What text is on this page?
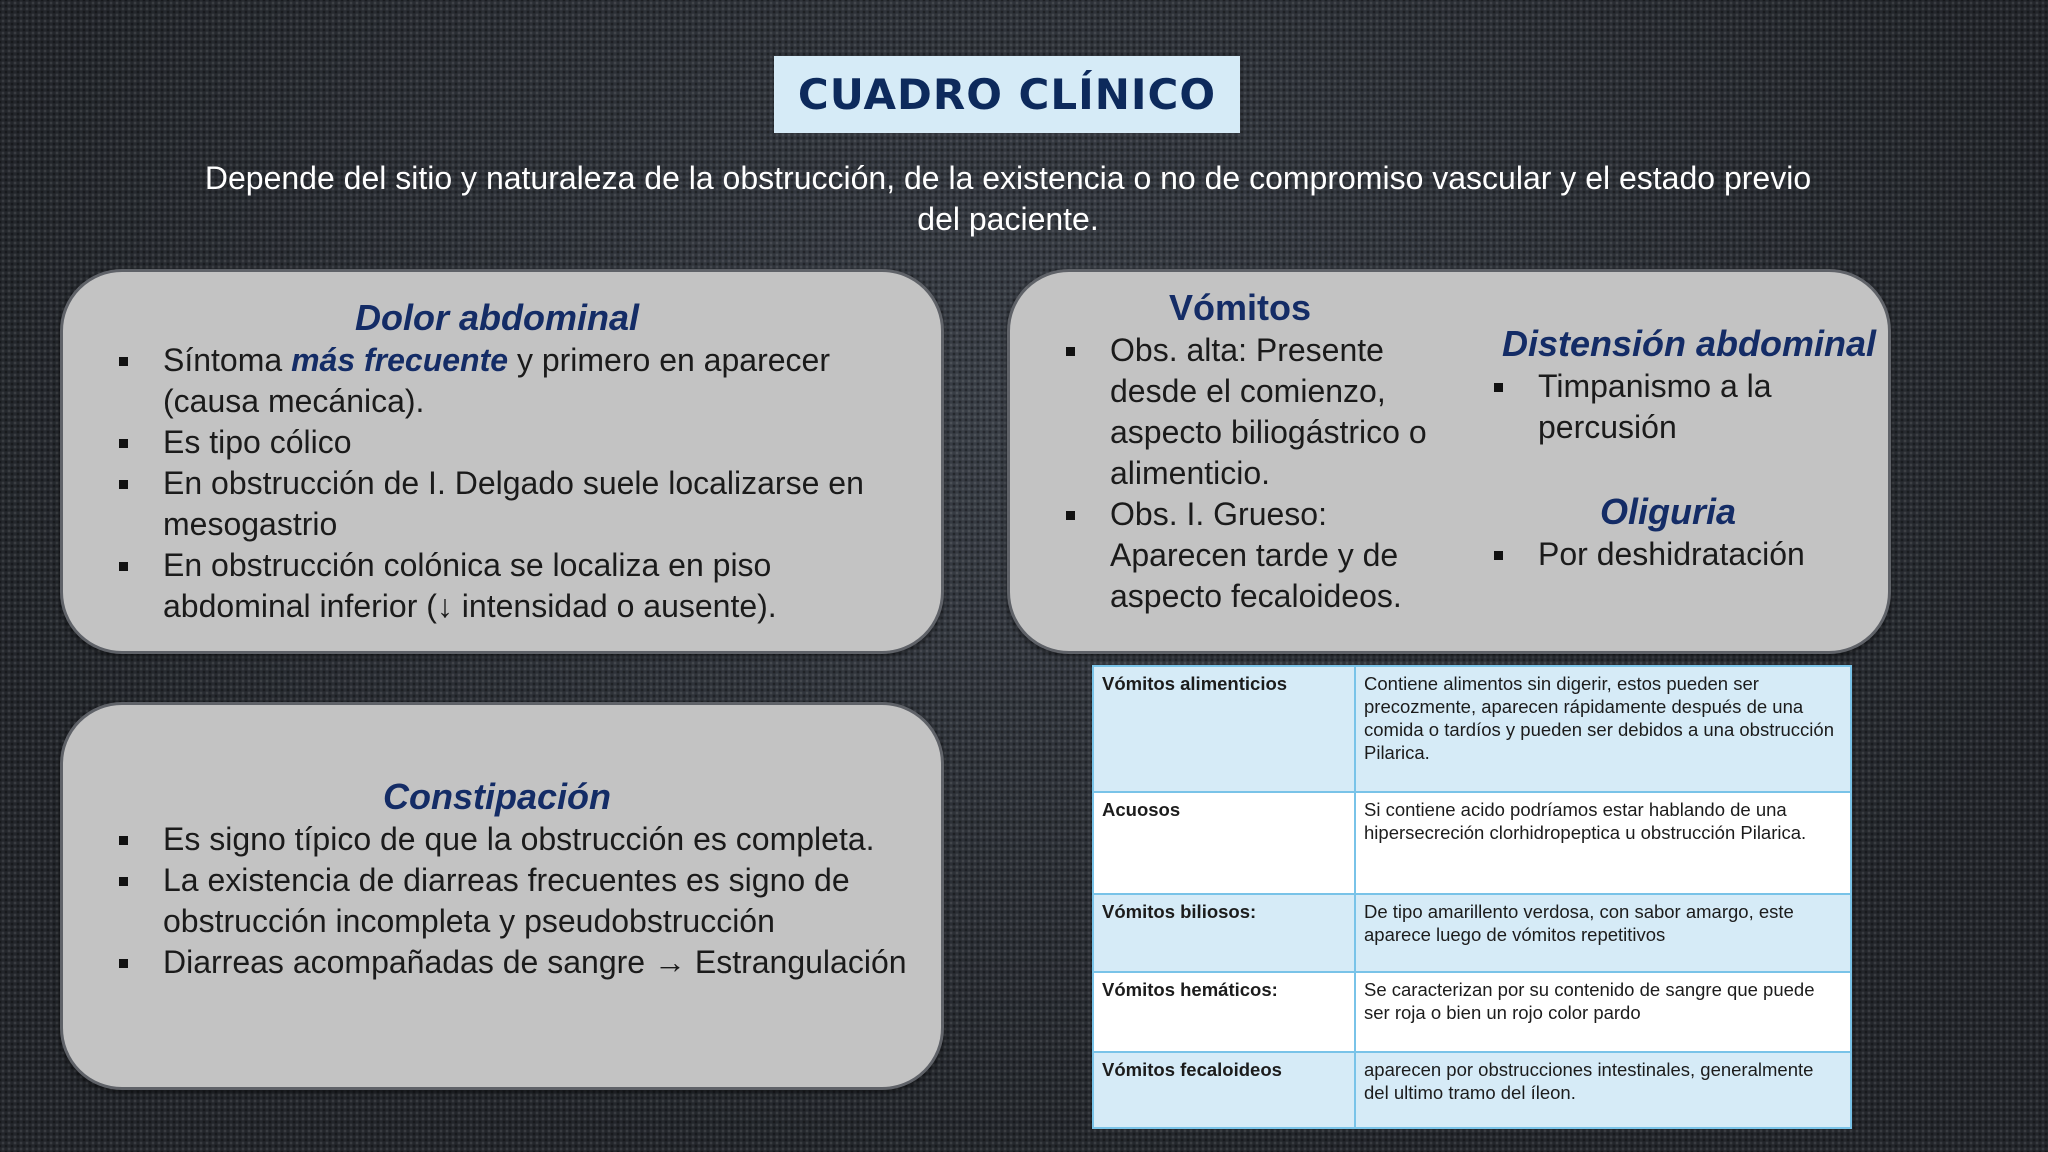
CUADRO CLÍNICO
Depende del sitio y naturaleza de la obstrucción, de la existencia o no de compromiso vascular y el estado previo del paciente.
Dolor abdominal
Síntoma más frecuente y primero en aparecer (causa mecánica).
Es tipo cólico
En obstrucción de I. Delgado suele localizarse en mesogastrio
En obstrucción colónica se localiza en piso abdominal inferior (↓ intensidad o ausente).
Constipación
Es signo típico de que la obstrucción es completa.
La existencia de diarreas frecuentes es signo de obstrucción incompleta y pseudobstrucción
Diarreas acompañadas de sangre → Estrangulación
Vómitos
Obs. alta: Presente desde el comienzo, aspecto biliogástrico o alimenticio.
Obs. I. Grueso: Aparecen tarde y de aspecto fecaloideos.
Distensión abdominal
Timpanismo a la percusión
Oliguria
Por deshidratación
Vómitos alimenticios	Contiene alimentos sin digerir, estos pueden ser precozmente, aparecen rápidamente después de una comida o tardíos y pueden ser debidos a una obstrucción Pilarica.
Acuosos	Si contiene acido podríamos estar hablando de una hipersecreción clorhidropeptica u obstrucción Pilarica.
Vómitos biliosos:	De tipo amarillento verdosa, con sabor amargo, este aparece luego de vómitos repetitivos
Vómitos hemáticos:	Se caracterizan por su contenido de sangre que puede ser roja o bien un rojo color pardo
Vómitos fecaloideos	aparecen por obstrucciones intestinales, generalmente del ultimo tramo del íleon.
